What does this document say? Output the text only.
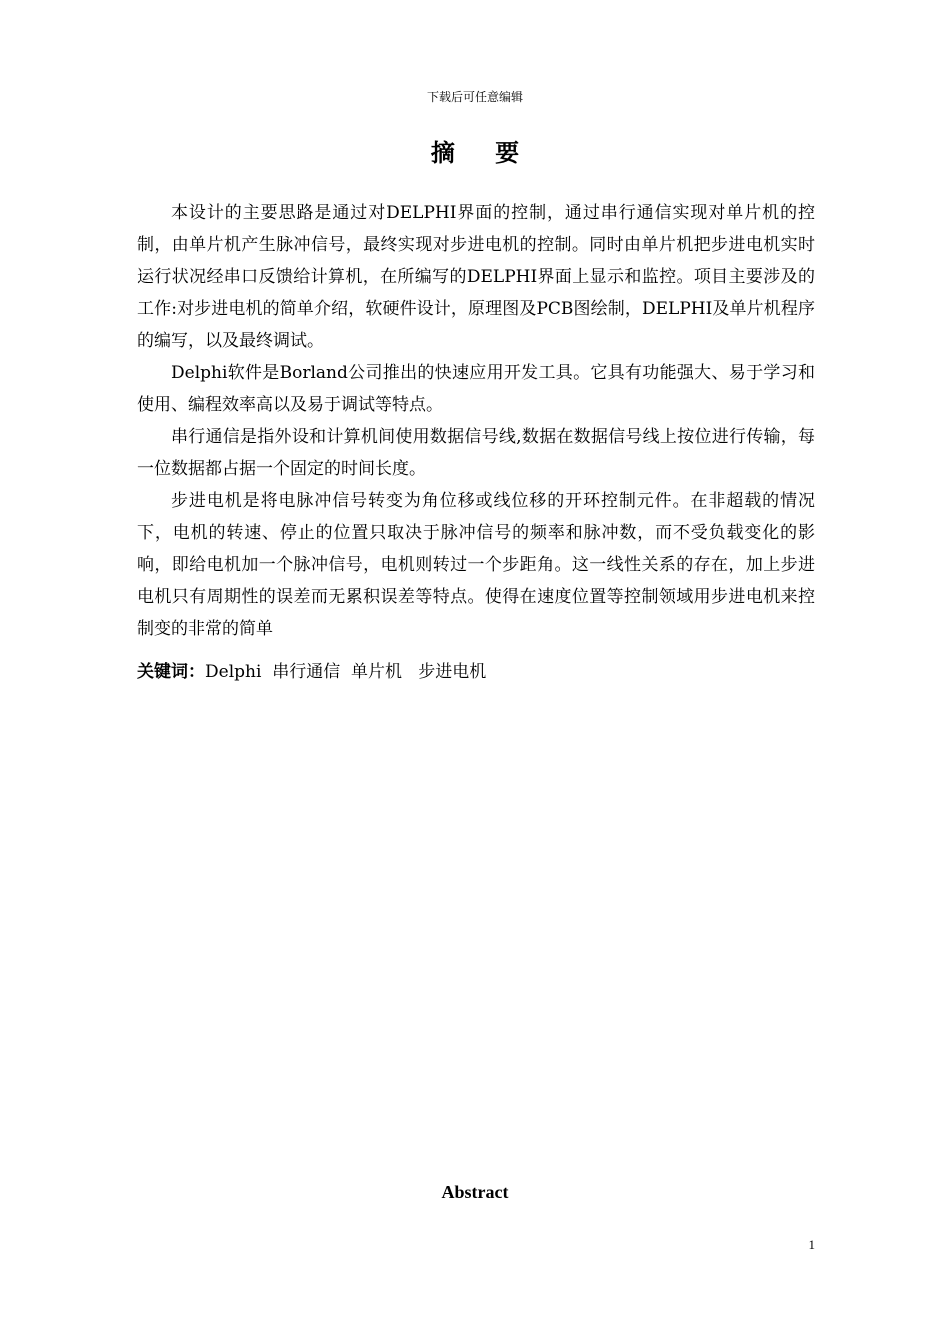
下载后可任意编辑
摘 要

本设计的主要思路是通过对DELPHI界面的控制，通过串行通信实现对单片机的控制，由单片机产生脉冲信号，最终实现对步进电机的控制。同时由单片机把步进电机实时运行状况经串口反馈给计算机，在所编写的DELPHI界面上显示和监控。项目主要涉及的工作:对步进电机的简单介绍，软硬件设计，原理图及PCB图绘制，DELPHI及单片机程序的编写，以及最终调试。

Delphi软件是Borland公司推出的快速应用开发工具。它具有功能强大、易于学习和使用、编程效率高以及易于调试等特点。

串行通信是指外设和计算机间使用数据信号线,数据在数据信号线上按位进行传输，每一位数据都占据一个固定的时间长度。

步进电机是将电脉冲信号转变为角位移或线位移的开环控制元件。在非超载的情况下，电机的转速、停止的位置只取决于脉冲信号的频率和脉冲数，而不受负载变化的影响，即给电机加一个脉冲信号，电机则转过一个步距角。这一线性关系的存在，加上步进电机只有周期性的误差而无累积误差等特点。使得在速度位置等控制领域用步进电机来控制变的非常的简单

关键词：Delphi  串行通信  单片机   步进电机
Abstract
1
